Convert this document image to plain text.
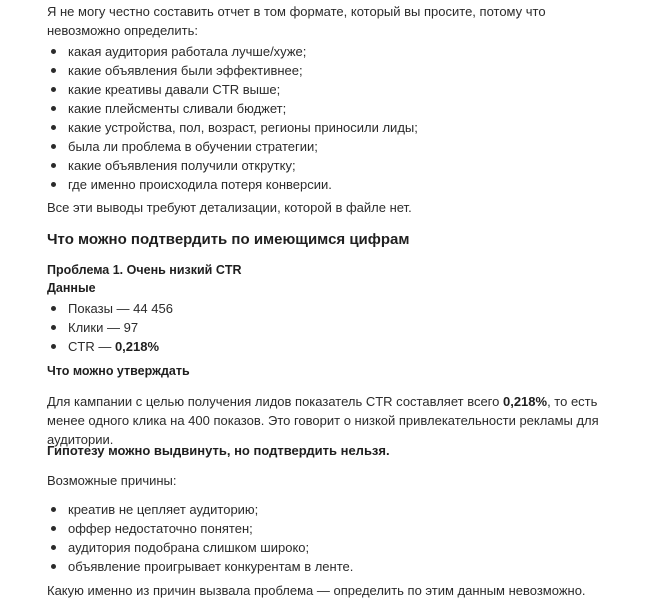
Я не могу честно составить отчет в том формате, который вы просите, потому что невозможно определить:

какая аудитория работала лучше/хуже;
какие объявления были эффективнее;
какие креативы давали CTR выше;
какие плейсменты сливали бюджет;
какие устройства, пол, возраст, регионы приносили лиды;
была ли проблема в обучении стратегии;
какие объявления получили открутку;
где именно происходила потеря конверсии.

Все эти выводы требуют детализации, которой в файле нет.

Что можно подтвердить по имеющимся цифрам
Проблема 1. Очень низкий CTR
Данные
Показы — 44 456
Клики — 97
CTR — 0,218%
Что можно утверждать

Для кампании с целью получения лидов показатель CTR составляет всего 0,218%, то есть менее одного клика на 400 показов. Это говорит о низкой привлекательности рекламы для аудитории.

Гипотезу можно выдвинуть, но подтвердить нельзя.

Возможные причины:

креатив не цепляет аудиторию;
оффер недостаточно понятен;
аудитория подобрана слишком широко;
объявление проигрывает конкурентам в ленте.

Какую именно из причин вызвала проблема — определить по этим данным невозможно.
